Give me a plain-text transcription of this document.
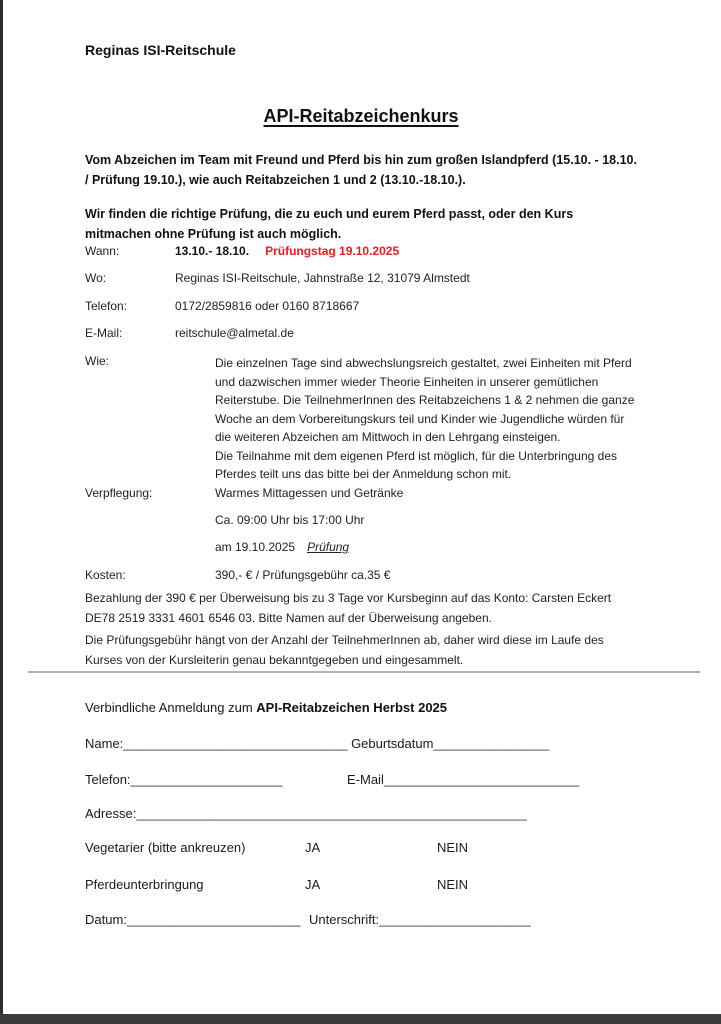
Reginas ISI-Reitschule
API-Reitabzeichenkurs
Vom Abzeichen im Team mit Freund und Pferd bis hin zum großen Islandpferd (15.10. - 18.10. / Prüfung 19.10.), wie auch Reitabzeichen 1 und 2 (13.10.-18.10.).
Wir finden die richtige Prüfung, die zu euch und eurem Pferd passt, oder den Kurs mitmachen ohne Prüfung ist auch möglich.
Wann:	13.10.- 18.10. Prüfungstag 19.10.2025
Wo:	Reginas ISI-Reitschule, Jahnstraße 12, 31079 Almstedt
Telefon:	0172/2859816 oder 0160 8718667
E-Mail:	reitschule@almetal.de
Wie:	Die einzelnen Tage sind abwechslungsreich gestaltet, zwei Einheiten mit Pferd und dazwischen immer wieder Theorie Einheiten in unserer gemütlichen Reiterstube. Die TeilnehmerInnen des Reitabzeichens 1 & 2 nehmen die ganze Woche an dem Vorbereitungskurs teil und Kinder wie Jugendliche würden für die weiteren Abzeichen am Mittwoch in den Lehrgang einsteigen.

Die Teilnahme mit dem eigenen Pferd ist möglich, für die Unterbringung des Pferdes teilt uns das bitte bei der Anmeldung schon mit.

Verpflegung:	Warmes Mittagessen und Getränke
Ca. 09:00 Uhr bis 17:00 Uhr
am 19.10.2025 Prüfung
Kosten:	390,- € / Prüfungsgebühr ca.35 €
Bezahlung der 390 € per Überweisung bis zu 3 Tage vor Kursbeginn auf das Konto: Carsten Eckert DE78 2519 3331 4601 6546 03. Bitte Namen auf der Überweisung angeben.
Die Prüfungsgebühr hängt von der Anzahl der TeilnehmerInnen ab, daher wird diese im Laufe des Kurses von der Kursleiterin genau bekanntgegeben und eingesammelt.
Verbindliche Anmeldung zum API-Reitabzeichen Herbst 2025
Name:_______________________________ Geburtsdatum________________
Telefon:_____________________	E-Mail___________________________
Adresse:______________________________________________________
Vegetarier (bitte ankreuzen)	JA	NEIN
Pferdeunterbringung	JA	NEIN
Datum:________________________ Unterschrift:_____________________
